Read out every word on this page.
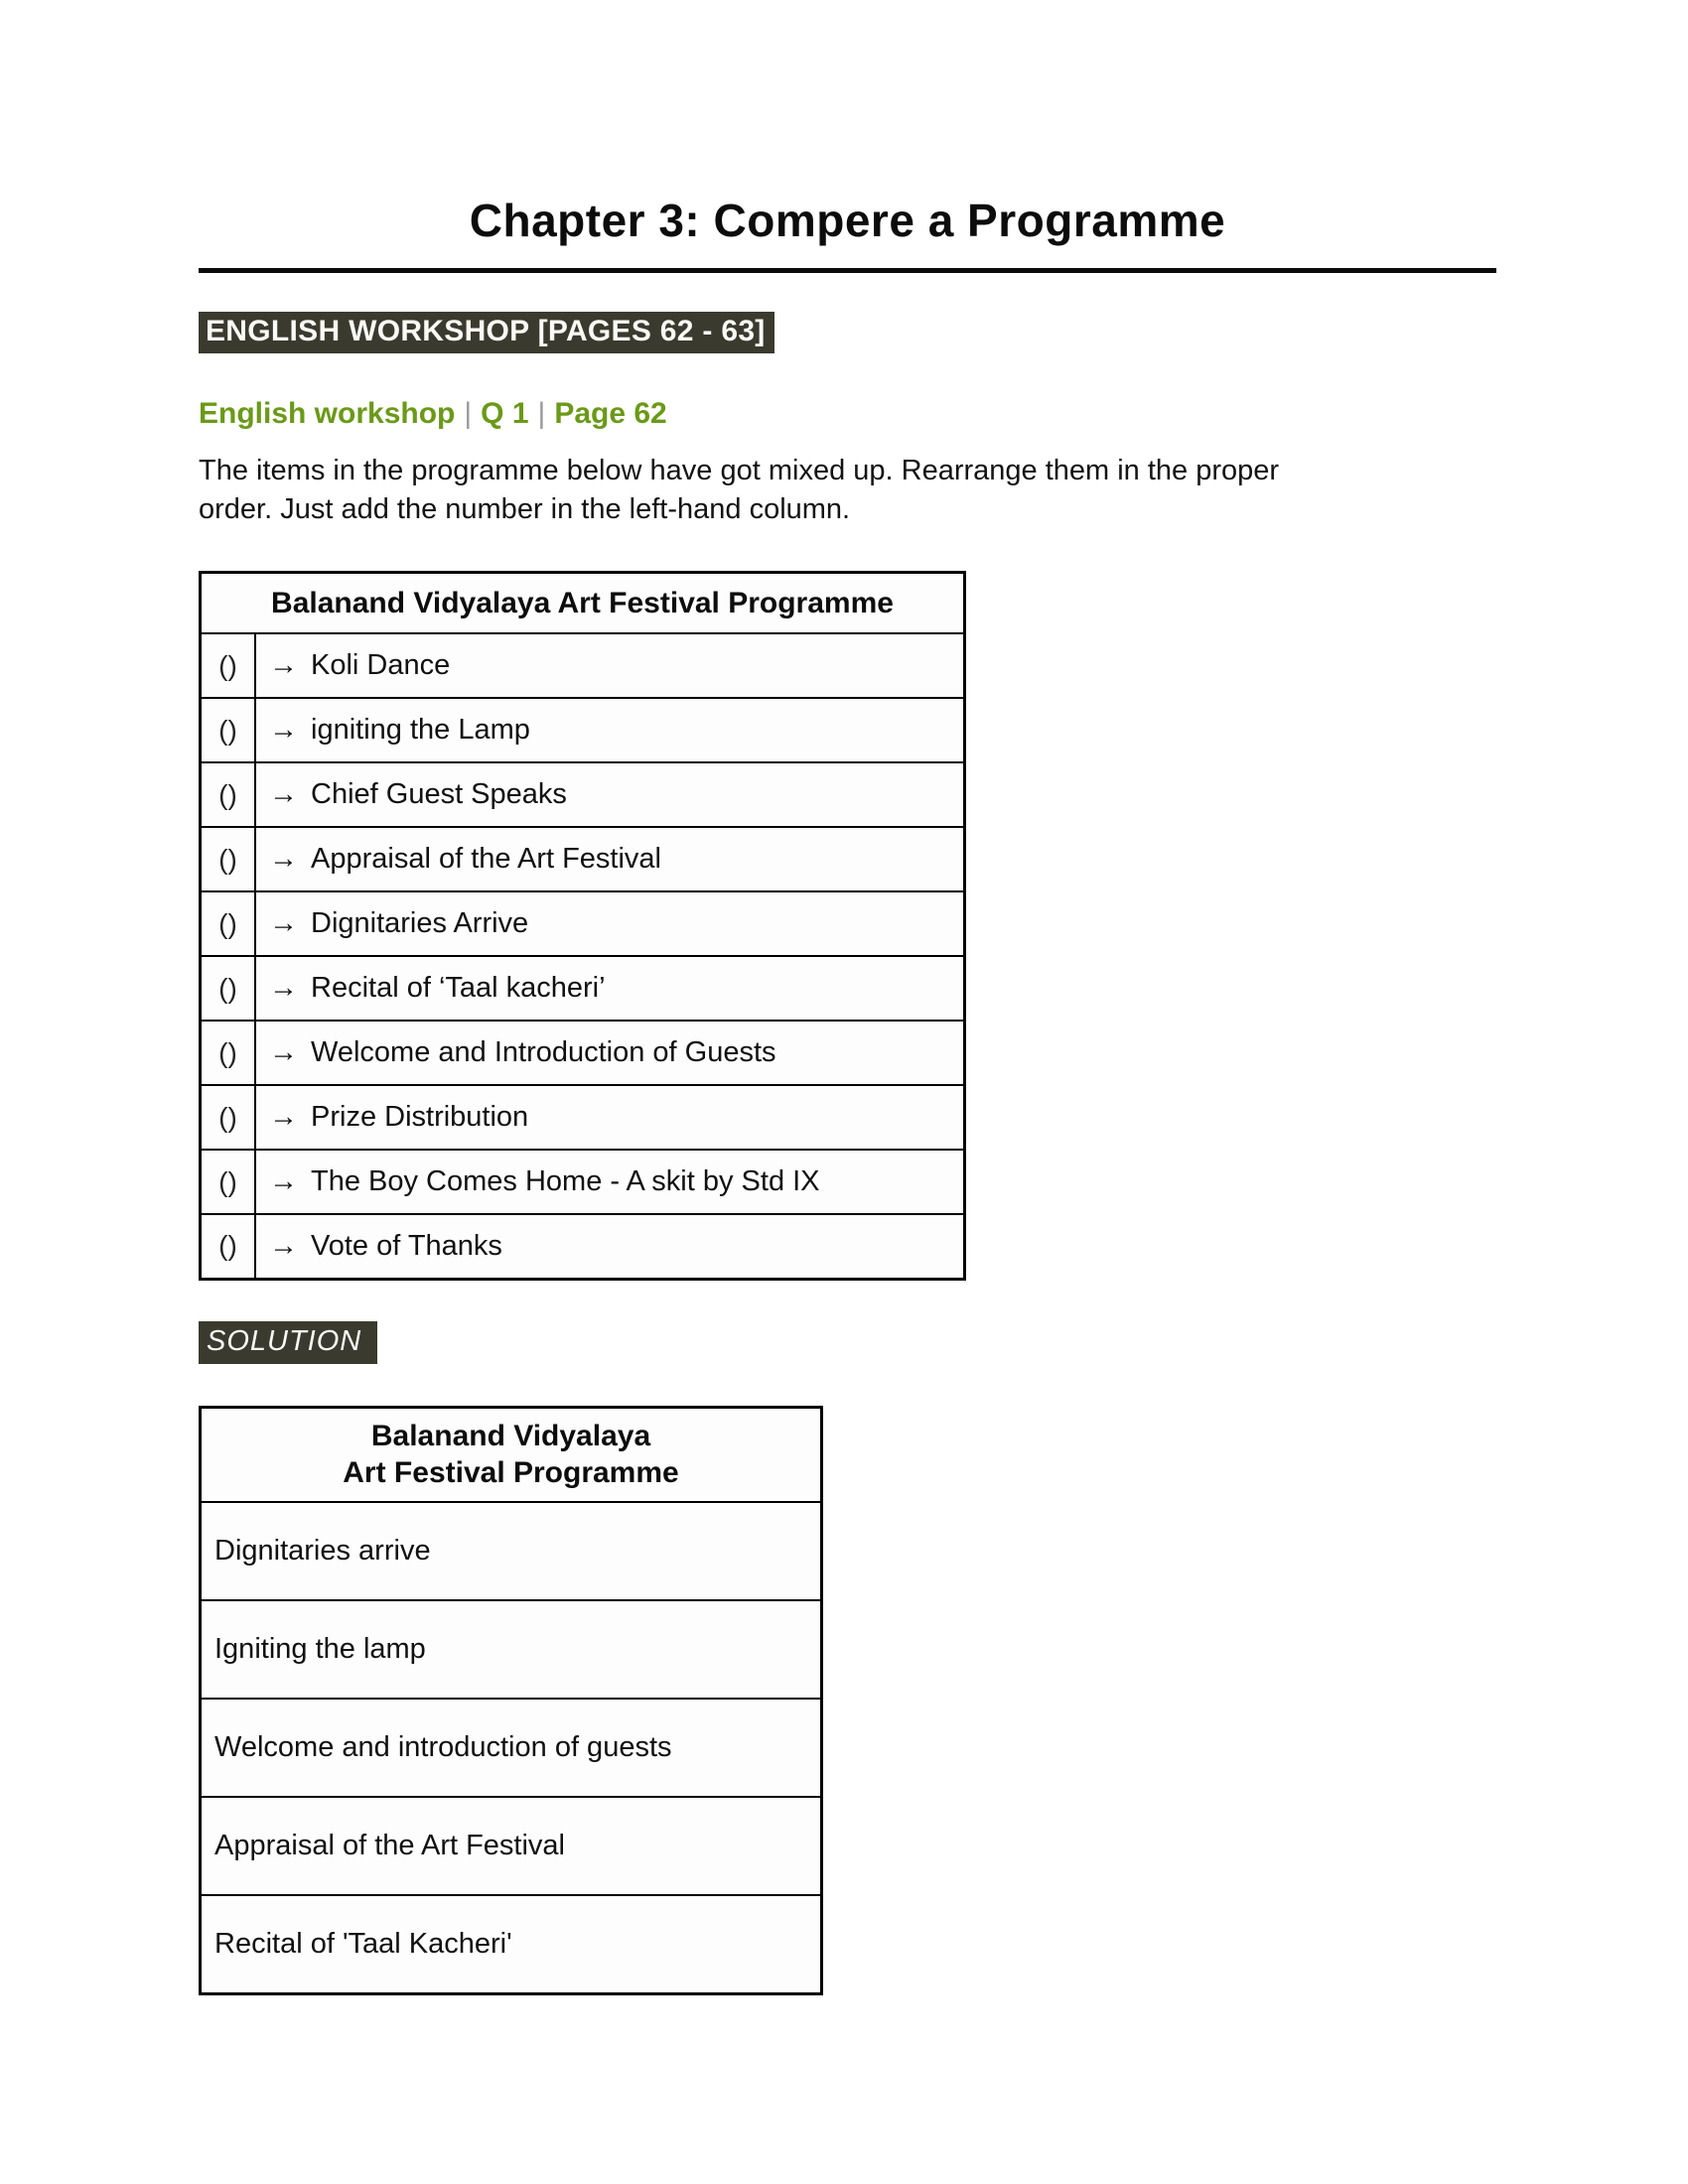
Chapter 3: Compere a Programme
ENGLISH WORKSHOP [PAGES 62 - 63]
English workshop | Q 1 | Page 62
The items in the programme below have got mixed up. Rearrange them in the proper
order. Just add the number in the left-hand column.
Balanand Vidyalaya Art Festival Programme	
()	→ Koli Dance
()	→ igniting the Lamp
()	→ Chief Guest Speaks
()	→ Appraisal of the Art Festival
()	→ Dignitaries Arrive
()	→ Recital of ‘Taal kacheri’
()	→ Welcome and Introduction of Guests
()	→ Prize Distribution
()	→ The Boy Comes Home - A skit by Std IX
()	→ Vote of Thanks
SOLUTION
Balanand Vidyalaya
Art Festival Programme

Dignitaries arrive
Igniting the lamp
Welcome and introduction of guests
Appraisal of the Art Festival
Recital of 'Taal Kacheri'
